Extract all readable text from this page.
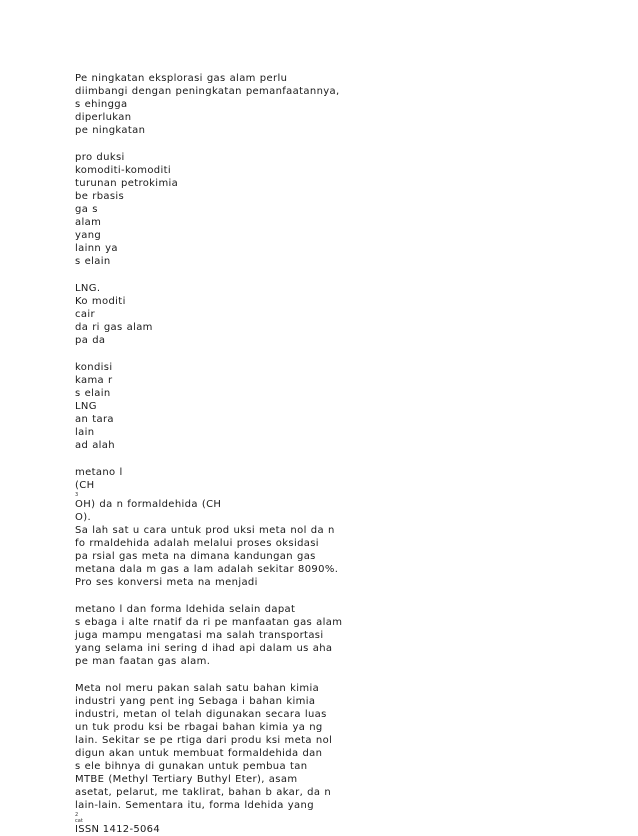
Pe ningkatan eksplorasi gas alam perlu
diimbangi dengan peningkatan pemanfaatannya,
s ehingga
diperlukan
pe ningkatan
pro duksi
komoditi-komoditi
turunan petrokimia
be rbasis
ga s
alam
yang
lainn ya
s elain
LNG.
Ko moditi
cair
da ri gas alam
pa da
kondisi
kama r
s elain
LNG
an tara
lain
ad alah
metano l
(CH
3
OH) da n formaldehida (CH
O).
Sa lah sat u cara untuk prod uksi meta nol da n
fo rmaldehida adalah melalui proses oksidasi
pa rsial gas meta na dimana kandungan gas
metana dala m gas a lam adalah sekitar 8090%.
Pro ses konversi meta na menjadi
metano l dan forma ldehida selain dapat
s ebaga i alte rnatif da ri pe manfaatan gas alam
juga mampu mengatasi ma salah transportasi
yang selama ini sering d ihad api dalam us aha
pe man faatan gas alam.
Meta nol meru pakan salah satu bahan kimia
industri yang pent ing Sebaga i bahan kimia
industri, metan ol telah digunakan secara luas
un tuk produ ksi be rbagai bahan kimia ya ng
lain. Sekitar se pe rtiga dari produ ksi meta nol
digun akan untuk membuat formaldehida dan
s ele bihnya di gunakan untuk pembua tan
MTBE (Methyl Tertiary Buthyl Eter), asam
asetat, pelarut, me taklirat, bahan b akar, da n
lain-lain. Sementara itu, forma ldehida yang
2
cat
ISSN 1412-5064
